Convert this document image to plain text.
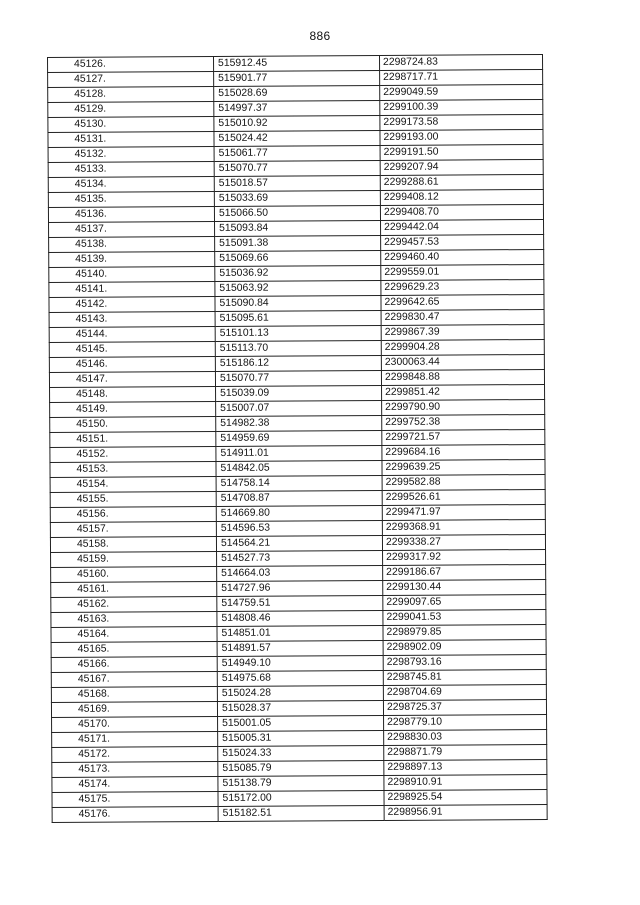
886
45126.	515912.45	2298724.83
45127.	515901.77	2298717.71
45128.	515028.69	2299049.59
45129.	514997.37	2299100.39
45130.	515010.92	2299173.58
45131.	515024.42	2299193.00
45132.	515061.77	2299191.50
45133.	515070.77	2299207.94
45134.	515018.57	2299288.61
45135.	515033.69	2299408.12
45136.	515066.50	2299408.70
45137.	515093.84	2299442.04
45138.	515091.38	2299457.53
45139.	515069.66	2299460.40
45140.	515036.92	2299559.01
45141.	515063.92	2299629.23
45142.	515090.84	2299642.65
45143.	515095.61	2299830.47
45144.	515101.13	2299867.39
45145.	515113.70	2299904.28
45146.	515186.12	2300063.44
45147.	515070.77	2299848.88
45148.	515039.09	2299851.42
45149.	515007.07	2299790.90
45150.	514982.38	2299752.38
45151.	514959.69	2299721.57
45152.	514911.01	2299684.16
45153.	514842.05	2299639.25
45154.	514758.14	2299582.88
45155.	514708.87	2299526.61
45156.	514669.80	2299471.97
45157.	514596.53	2299368.91
45158.	514564.21	2299338.27
45159.	514527.73	2299317.92
45160.	514664.03	2299186.67
45161.	514727.96	2299130.44
45162.	514759.51	2299097.65
45163.	514808.46	2299041.53
45164.	514851.01	2298979.85
45165.	514891.57	2298902.09
45166.	514949.10	2298793.16
45167.	514975.68	2298745.81
45168.	515024.28	2298704.69
45169.	515028.37	2298725.37
45170.	515001.05	2298779.10
45171.	515005.31	2298830.03
45172.	515024.33	2298871.79
45173.	515085.79	2298897.13
45174.	515138.79	2298910.91
45175.	515172.00	2298925.54
45176.	515182.51	2298956.91
